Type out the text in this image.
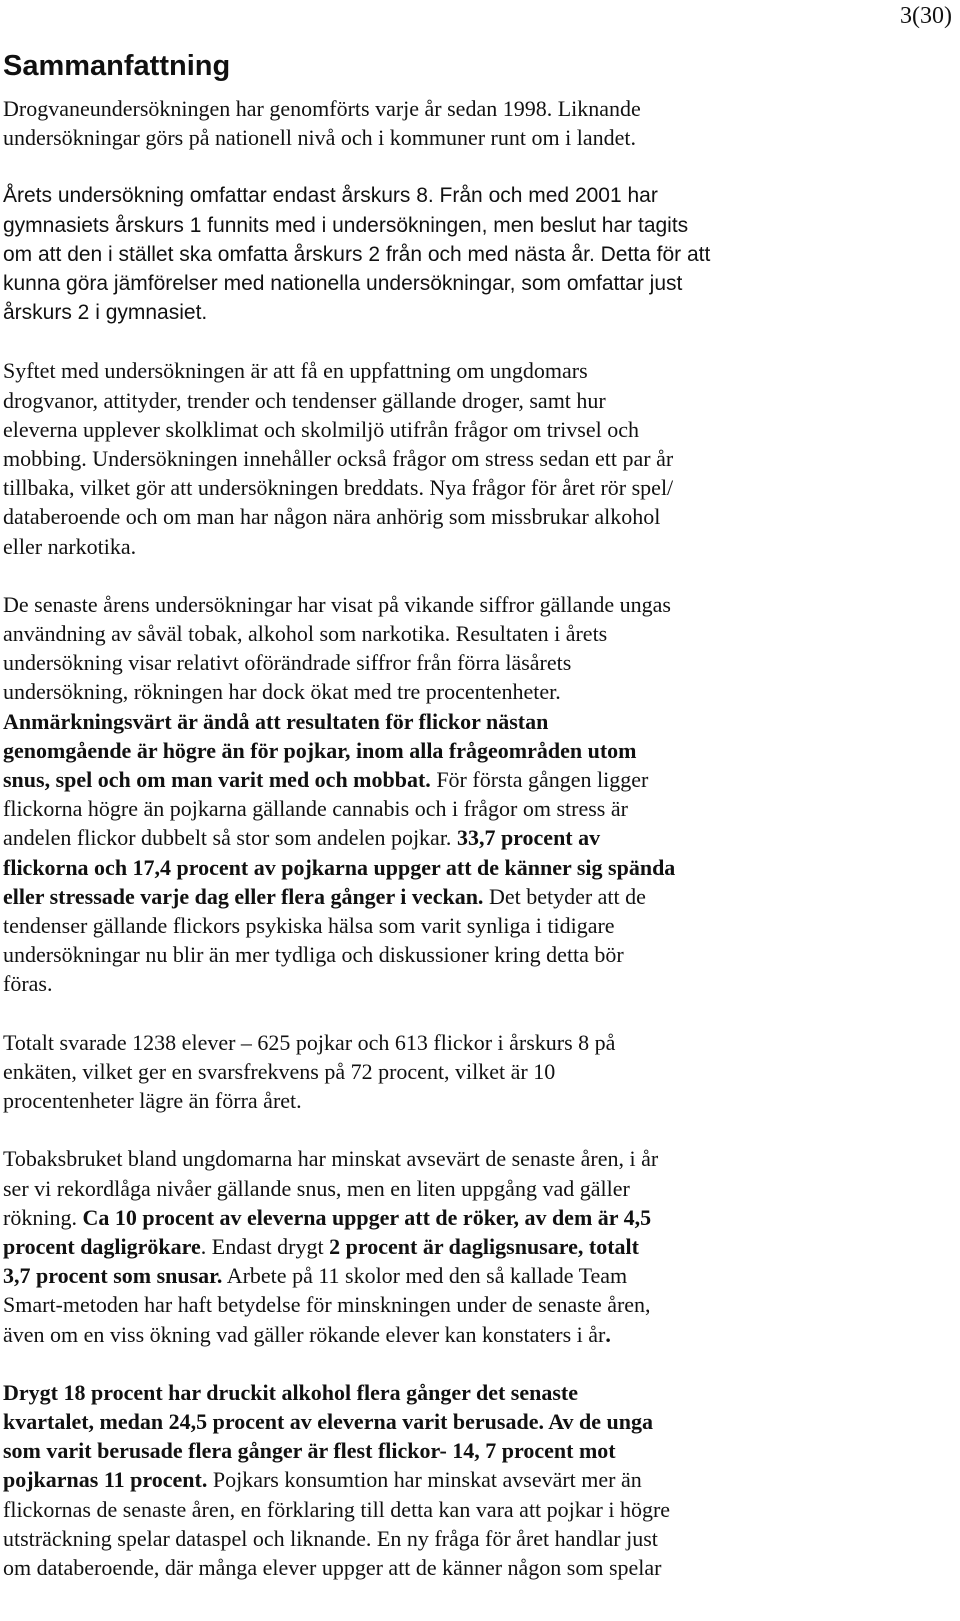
3(30)
Sammanfattning

Drogvaneundersökningen har genomförts varje år sedan 1998. Liknande
undersökningar görs på nationell nivå och i kommuner runt om i landet.

Årets undersökning omfattar endast årskurs 8. Från och med 2001 har
gymnasiets årskurs 1 funnits med i undersökningen, men beslut har tagits
om att den i stället ska omfatta årskurs 2 från och med nästa år. Detta för att
kunna göra jämförelser med nationella undersökningar, som omfattar just
årskurs 2 i gymnasiet.

Syftet med undersökningen är att få en uppfattning om ungdomars
drogvanor, attityder, trender och tendenser gällande droger, samt hur
eleverna upplever skolklimat och skolmiljö utifrån frågor om trivsel och
mobbing. Undersökningen innehåller också frågor om stress sedan ett par år
tillbaka, vilket gör att undersökningen breddats. Nya frågor för året rör spel/
databeroende och om man har någon nära anhörig som missbrukar alkohol
eller narkotika.

De senaste årens undersökningar har visat på vikande siffror gällande ungas
användning av såväl tobak, alkohol som narkotika. Resultaten i årets
undersökning visar relativt oförändrade siffror från förra läsårets
undersökning, rökningen har dock ökat med tre procentenheter.
Anmärkningsvärt är ändå att resultaten för flickor nästan
genomgående är högre än för pojkar, inom alla frågeområden utom
snus, spel och om man varit med och mobbat. För första gången ligger
flickorna högre än pojkarna gällande cannabis och i frågor om stress är
andelen flickor dubbelt så stor som andelen pojkar. 33,7 procent av
flickorna och 17,4 procent av pojkarna uppger att de känner sig spända
eller stressade varje dag eller flera gånger i veckan. Det betyder att de
tendenser gällande flickors psykiska hälsa som varit synliga i tidigare
undersökningar nu blir än mer tydliga och diskussioner kring detta bör
föras.

Totalt svarade 1238 elever – 625 pojkar och 613 flickor i årskurs 8 på
enkäten, vilket ger en svarsfrekvens på 72 procent, vilket är 10
procentenheter lägre än förra året.

Tobaksbruket bland ungdomarna har minskat avsevärt de senaste åren, i år
ser vi rekordlåga nivåer gällande snus, men en liten uppgång vad gäller
rökning. Ca 10 procent av eleverna uppger att de röker, av dem är 4,5
procent dagligrökare. Endast drygt 2 procent är dagligsnusare, totalt
3,7 procent som snusar. Arbete på 11 skolor med den så kallade Team
Smart-metoden har haft betydelse för minskningen under de senaste åren,
även om en viss ökning vad gäller rökande elever kan konstaters i år.

Drygt 18 procent har druckit alkohol flera gånger det senaste
kvartalet, medan 24,5 procent av eleverna varit berusade. Av de unga
som varit berusade flera gånger är flest flickor- 14, 7 procent mot
pojkarnas 11 procent. Pojkars konsumtion har minskat avsevärt mer än
flickornas de senaste åren, en förklaring till detta kan vara att pojkar i högre
utsträckning spelar dataspel och liknande. En ny fråga för året handlar just
om databeroende, där många elever uppger att de känner någon som spelar
